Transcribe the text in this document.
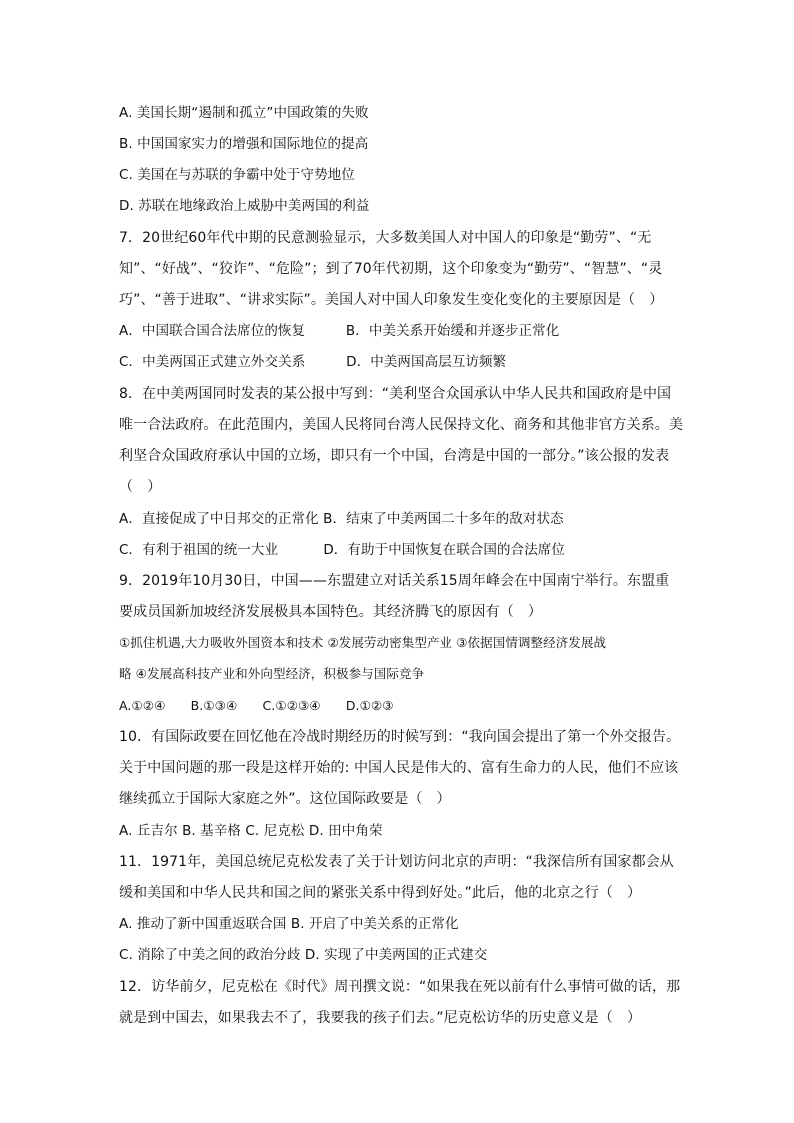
A. 美国长期“遏制和孤立”中国政策的失败
B. 中国国家实力的增强和国际地位的提高
C. 美国在与苏联的争霸中处于守势地位
D. 苏联在地缘政治上威胁中美两国的利益
7．20世纪60年代中期的民意测验显示，大多数美国人对中国人的印象是“勤劳”、“无
知”、“好战”、“狡诈”、“危险”；到了70年代初期，这个印象变为“勤劳”、“智慧”、“灵
巧”、“善于进取”、“讲求实际”。美国人对中国人印象发生变化变化的主要原因是（　）
A．中国联合国合法席位的恢复　　　B．中美关系开始缓和并逐步正常化
C．中美两国正式建立外交关系　　　D．中美两国高层互访频繁
8．在中美两国同时发表的某公报中写到：“美利坚合众国承认中华人民共和国政府是中国
唯一合法政府。在此范围内，美国人民将同台湾人民保持文化、商务和其他非官方关系。美
利坚合众国政府承认中国的立场，即只有一个中国，台湾是中国的一部分。”该公报的发表
（　）
A．直接促成了中日邦交的正常化 B．结束了中美两国二十多年的敌对状态
C．有利于祖国的统一大业　　　 D．有助于中国恢复在联合国的合法席位
9．2019年10月30日，中国——东盟建立对话关系15周年峰会在中国南宁举行。东盟重
要成员国新加坡经济发展极具本国特色。其经济腾飞的原因有（　）
①抓住机遇,大力吸收外国资本和技术 ②发展劳动密集型产业 ③依据国情调整经济发展战
略 ④发展高科技产业和外向型经济，积极参与国际竞争
A.①②④　　B.①③④　　C.①②③④　　D.①②③
10．有国际政要在回忆他在冷战时期经历的时候写到：“我向国会提出了第一个外交报告。
关于中国问题的那一段是这样开始的: 中国人民是伟大的、富有生命力的人民，他们不应该
继续孤立于国际大家庭之外”。这位国际政要是（　）
A. 丘吉尔 B. 基辛格 C. 尼克松 D. 田中角荣
11．1971年，美国总统尼克松发表了关于计划访问北京的声明：“我深信所有国家都会从
缓和美国和中华人民共和国之间的紧张关系中得到好处。”此后，他的北京之行（　）
A. 推动了新中国重返联合国 B. 开启了中美关系的正常化
C. 消除了中美之间的政治分歧 D. 实现了中美两国的正式建交
12．访华前夕，尼克松在《时代》周刊撰文说：“如果我在死以前有什么事情可做的话，那
就是到中国去，如果我去不了，我要我的孩子们去。”尼克松访华的历史意义是（　）
